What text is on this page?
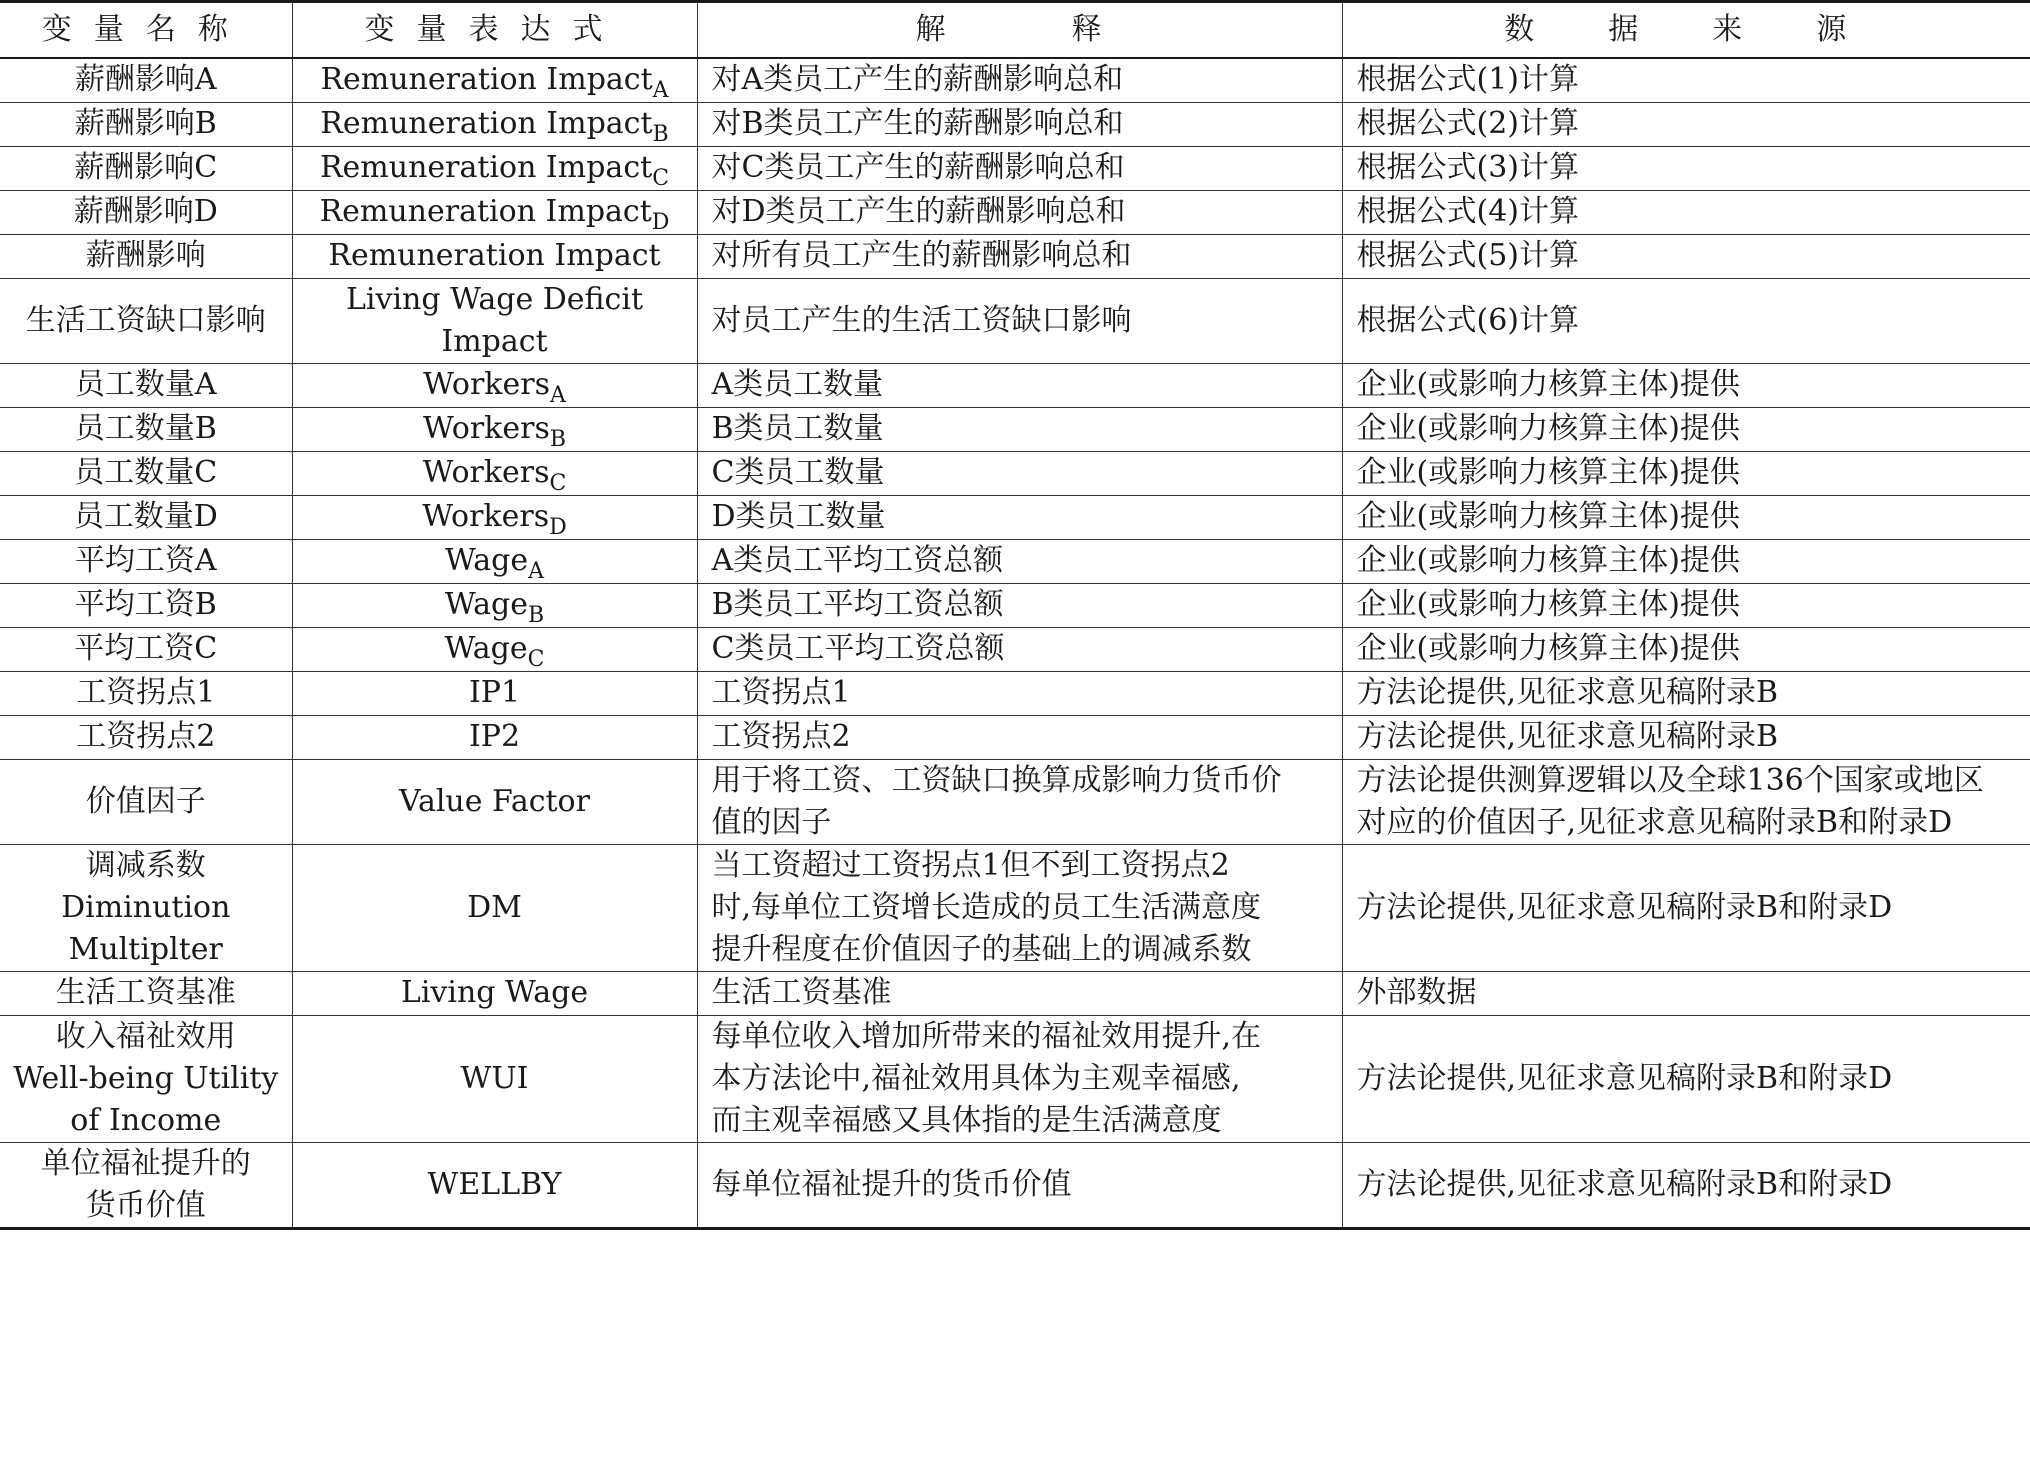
变量名称	变量表达式	解　　释	数　据　来　源

薪酬影响A	Remuneration Impact$_A$	对A类员工产生的薪酬影响总和	根据公式(1)计算

薪酬影响B	Remuneration Impact$_B$	对B类员工产生的薪酬影响总和	根据公式(2)计算

薪酬影响C	Remuneration Impact$_C$	对C类员工产生的薪酬影响总和	根据公式(3)计算

薪酬影响D	Remuneration Impact$_D$	对D类员工产生的薪酬影响总和	根据公式(4)计算

薪酬影响	Remuneration Impact	对所有员工产生的薪酬影响总和	根据公式(5)计算

生活工资缺口影响	Living Wage Deficit Impact	对员工产生的生活工资缺口影响	根据公式(6)计算

员工数量A	Workers$_A$	A类员工数量	企业(或影响力核算主体)提供

员工数量B	Workers$_B$	B类员工数量	企业(或影响力核算主体)提供

员工数量C	Workers$_C$	C类员工数量	企业(或影响力核算主体)提供

员工数量D	Workers$_D$	D类员工数量	企业(或影响力核算主体)提供

平均工资A	Wage$_A$	A类员工平均工资总额	企业(或影响力核算主体)提供

平均工资B	Wage$_B$	B类员工平均工资总额	企业(或影响力核算主体)提供

平均工资C	Wage$_C$	C类员工平均工资总额	企业(或影响力核算主体)提供

工资拐点1	IP1	工资拐点1	方法论提供,见征求意见稿附录B

工资拐点2	IP2	工资拐点2	方法论提供,见征求意见稿附录B

价值因子	Value Factor	用于将工资、工资缺口换算成影响力货币价
值的因子	方法论提供测算逻辑以及全球136个国家或地区
对应的价值因子,见征求意见稿附录B和附录D

调减系数
Diminution
Multiplter	DM	当工资超过工资拐点1但不到工资拐点2
时,每单位工资增长造成的员工生活满意度
提升程度在价值因子的基础上的调减系数	方法论提供,见征求意见稿附录B和附录D

生活工资基准	Living Wage	生活工资基准	外部数据

收入福祉效用
Well-being Utility
of Income	WUI	每单位收入增加所带来的福祉效用提升,在
本方法论中,福祉效用具体为主观幸福感,
而主观幸福感又具体指的是生活满意度	方法论提供,见征求意见稿附录B和附录D

单位福祉提升的
货币价值	WELLBY	每单位福祉提升的货币价值	方法论提供,见征求意见稿附录B和附录D
